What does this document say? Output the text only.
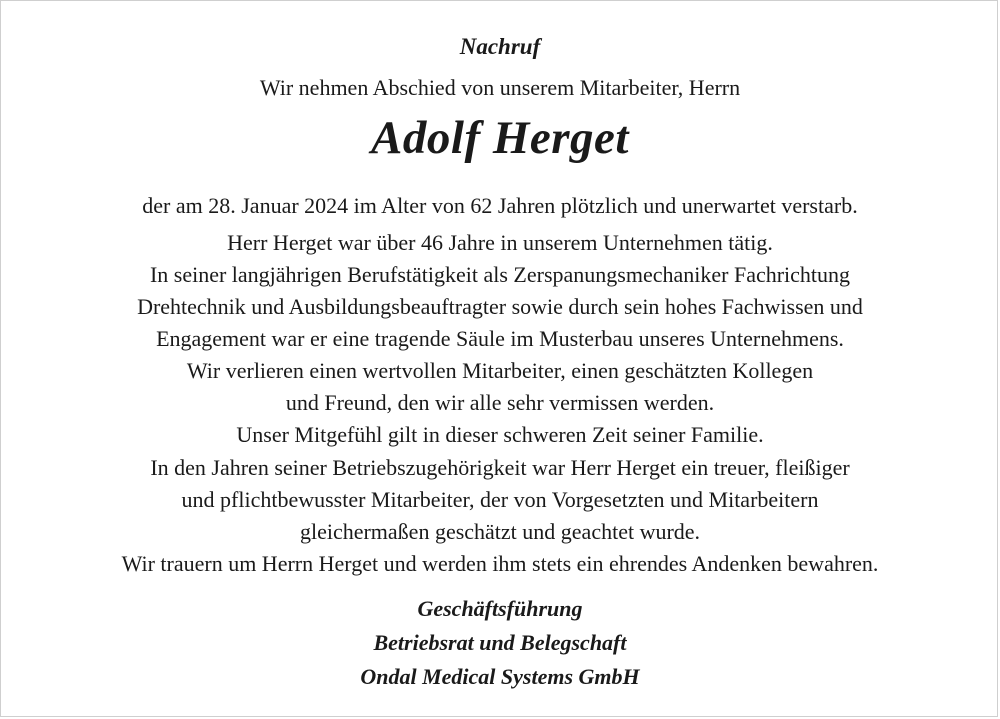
Nachruf
Wir nehmen Abschied von unserem Mitarbeiter, Herrn
Adolf Herget
der am 28. Januar 2024 im Alter von 62 Jahren plötzlich und unerwartet verstarb.
Herr Herget war über 46 Jahre in unserem Unternehmen tätig.
In seiner langjährigen Berufstätigkeit als Zerspanungsmechaniker Fachrichtung
Drehtechnik und Ausbildungsbeauftragter sowie durch sein hohes Fachwissen und
Engagement war er eine tragende Säule im Musterbau unseres Unternehmens.
Wir verlieren einen wertvollen Mitarbeiter, einen geschätzten Kollegen
und Freund, den wir alle sehr vermissen werden.
Unser Mitgefühl gilt in dieser schweren Zeit seiner Familie.
In den Jahren seiner Betriebszugehörigkeit war Herr Herget ein treuer, fleißiger
und pflichtbewusster Mitarbeiter, der von Vorgesetzten und Mitarbeitern
gleichermaßen geschätzt und geachtet wurde.
Wir trauern um Herrn Herget und werden ihm stets ein ehrendes Andenken bewahren.
Geschäftsführung
Betriebsrat und Belegschaft
Ondal Medical Systems GmbH
